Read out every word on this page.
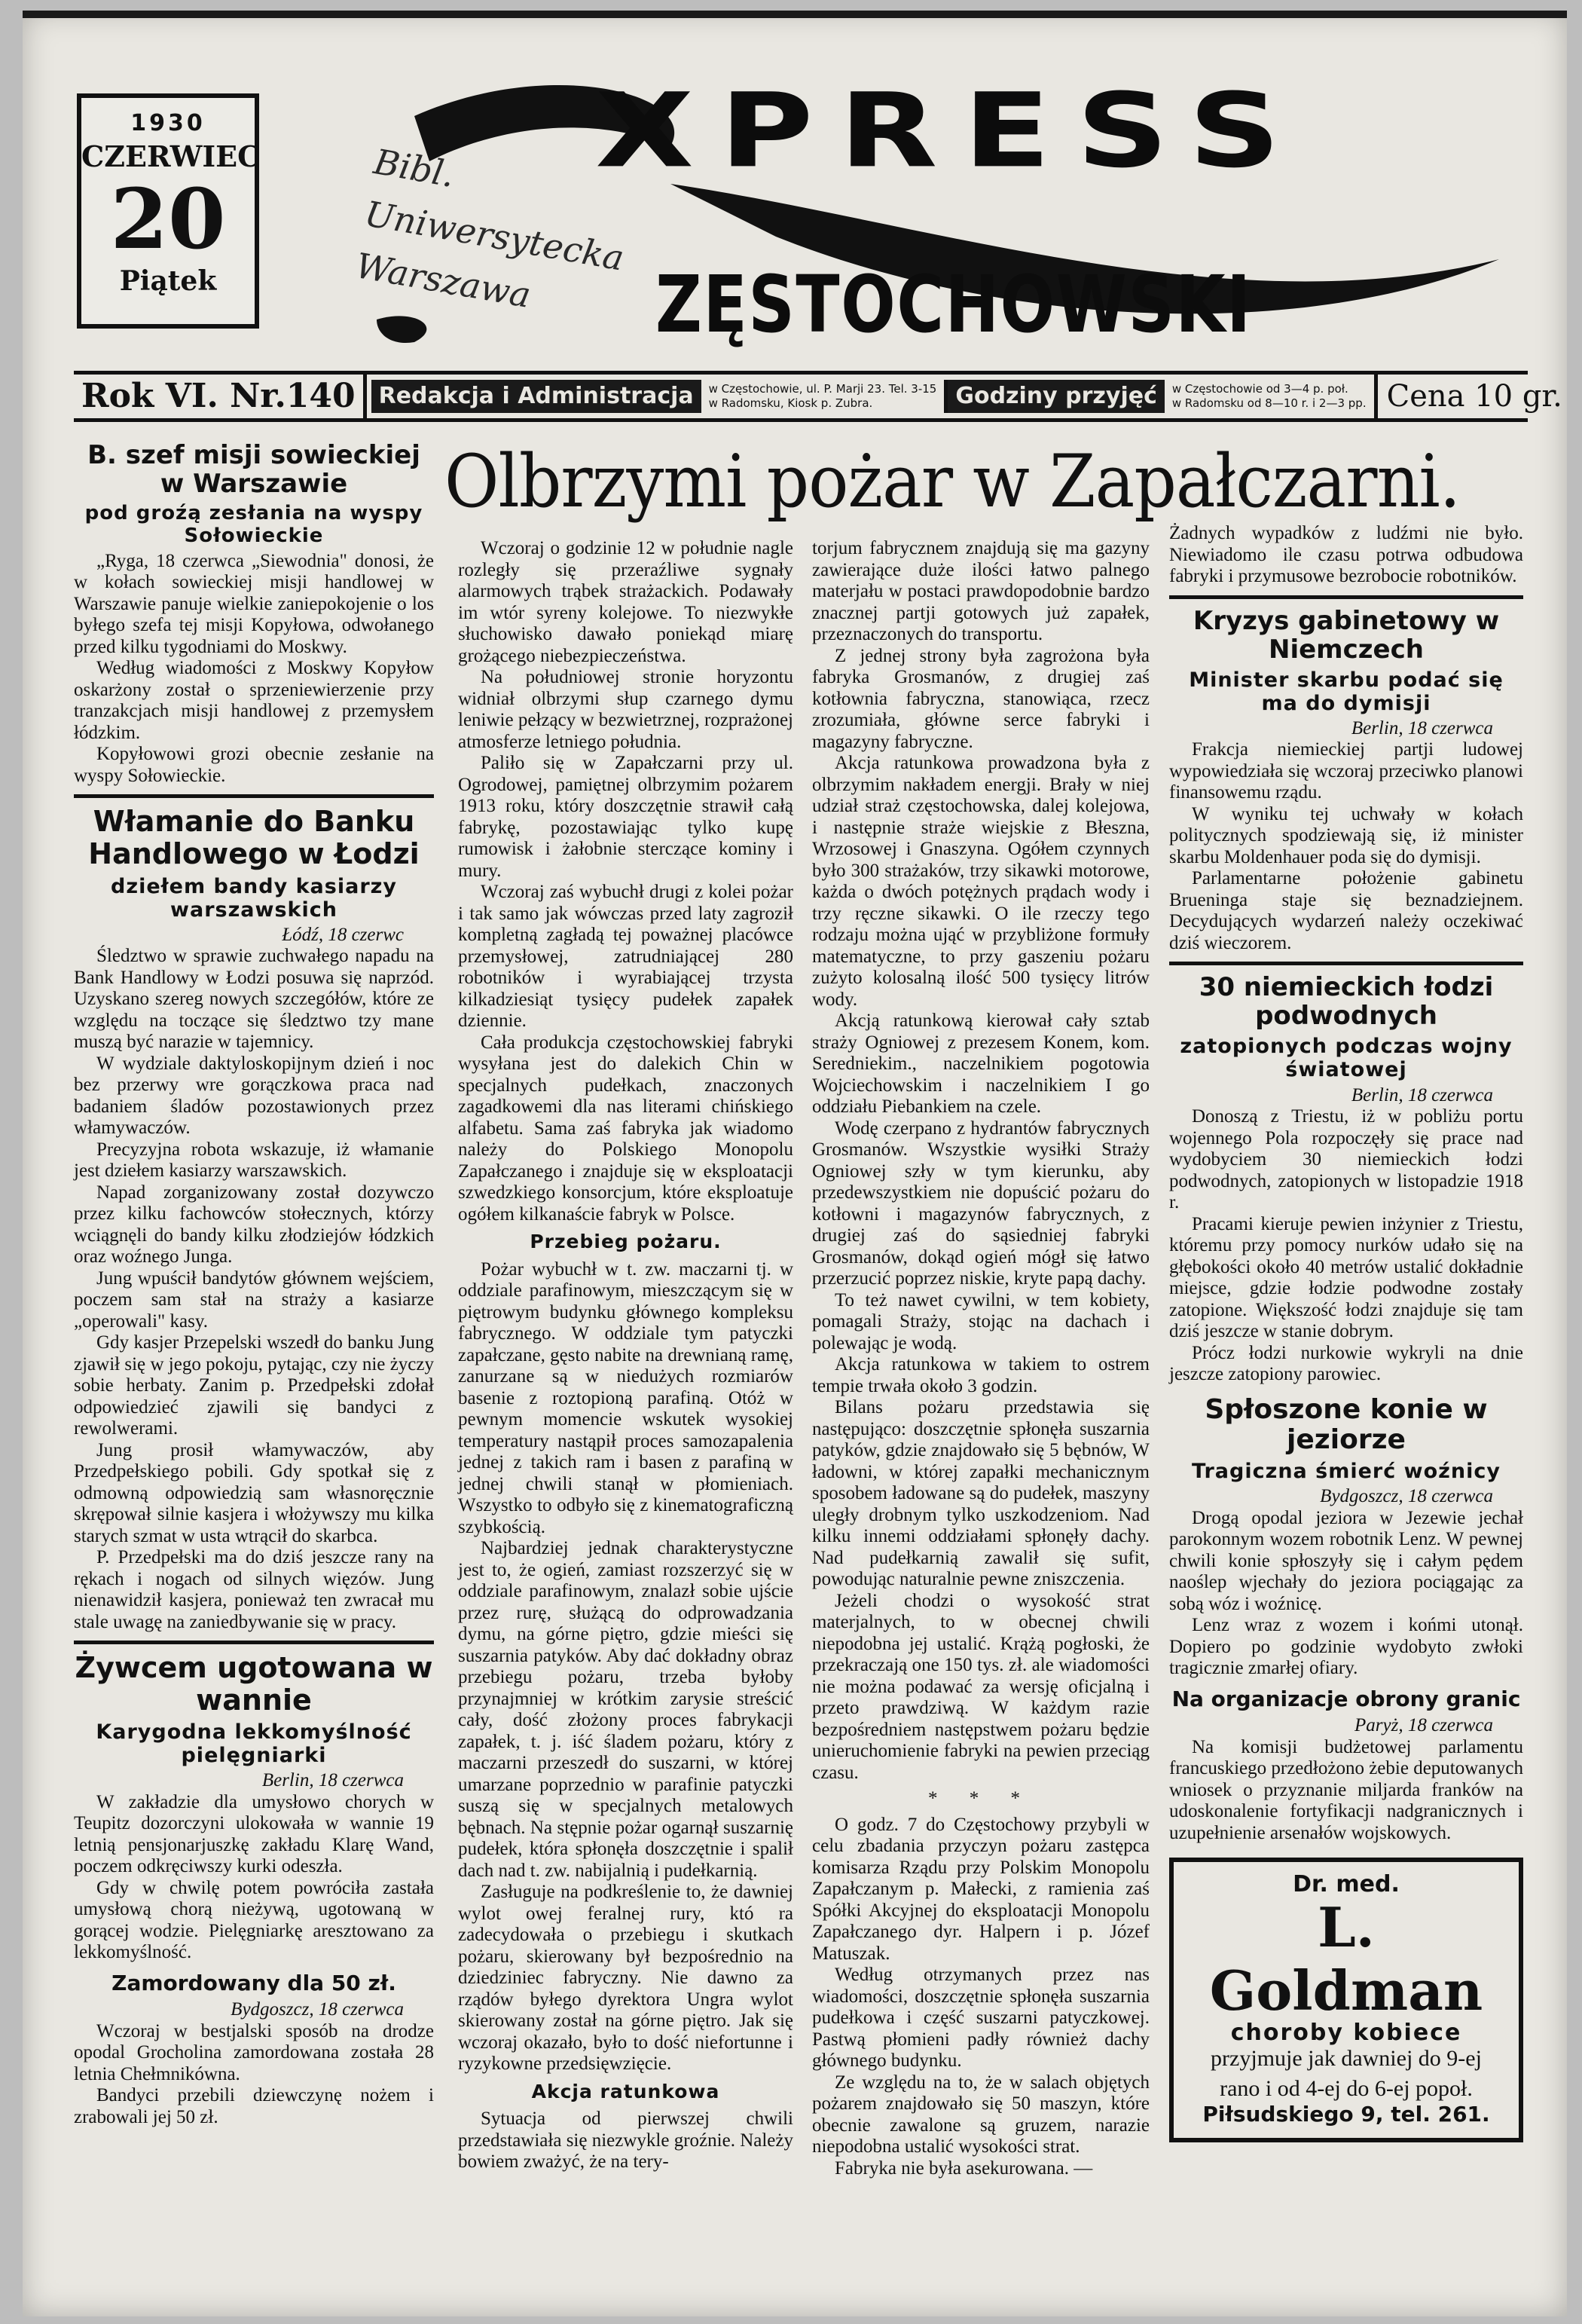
1930
CZERWIEC
20
Piątek
XPRESS
ZĘSTOCHOWSKI
Bibl. Uniwersytecka Warszawa
Rok VI. Nr.140	Redakcja i Administracja	w Częstochowie, ul. P. Marji 23. Tel. 3-15
w Radomsku, Kiosk p. Zubra.	Godziny przyjęć	w Częstochowie od 3—4 p. poł.
w Radomsku od 8—10 r. i 2—3 pp. Cena 10 gr.
Olbrzymi pożar w Zapałczarni.
B. szef misji sowieckiej w Warszawie
pod groźą zesłania na wyspy Sołowieckie

„Ryga, 18 czerwca „Siewodnia" donosi, że w kołach sowieckiej misji handlowej w Warszawie panuje wielkie zaniepokojenie o los byłego szefa tej misji Kopyłowa, odwołanego przed kilku tygodniami do Moskwy.

Według wiadomości z Moskwy Kopyłow oskarżony został o sprzeniewierzenie przy tranzakcjach misji handlowej z przemysłem łódzkim.

Kopyłowowi grozi obecnie zesłanie na wyspy Sołowieckie.

Włamanie do Banku Handlowego w Łodzi
dziełem bandy kasiarzy warszawskich
Łódź, 18 czerwc

Śledztwo w sprawie zuchwałego napadu na Bank Handlowy w Łodzi posuwa się naprzód. Uzyskano szereg nowych szczegółów, które ze względu na toczące się śledztwo tzy mane muszą być narazie w tajemnicy.

W wydziale daktyloskopijnym dzień i noc bez przerwy wre gorączkowa praca nad badaniem śladów pozostawionych przez włamywaczów.

Precyzyjna robota wskazuje, iż włamanie jest dziełem kasiarzy warszawskich.

Napad zorganizowany został dozywczo przez kilku fachowców stołecznych, którzy wciągnęli do bandy kilku złodziejów łódzkich oraz woźnego Junga.

Jung wpuścił bandytów głównem wejściem, poczem sam stał na straży a kasiarze „operowali" kasy.

Gdy kasjer Przepelski wszedł do banku Jung zjawił się w jego pokoju, pytając, czy nie życzy sobie herbaty. Zanim p. Przedpełski zdołał odpowiedzieć zjawili się bandyci z rewolwerami.

Jung prosił włamywaczów, aby Przedpełskiego pobili. Gdy spotkał się z odmowną odpowiedzią sam własnoręcznie skrępował silnie kasjera i włożywszy mu kilka starych szmat w usta wtrącił do skarbca.

P. Przedpełski ma do dziś jeszcze rany na rękach i nogach od silnych więzów. Jung nienawidził kasjera, ponieważ ten zwracał mu stale uwagę na zaniedbywanie się w pracy.

Żywcem ugotowana w wannie
Karygodna lekkomyślność pielęgniarki
Berlin, 18 czerwca

W zakładzie dla umysłowo chorych w Teupitz dozorczyni ulokowała w wannie 19 letnią pensjonarjuszkę zakładu Klarę Wand, poczem odkręciwszy kurki odeszła.

Gdy w chwilę potem powróciła zastała umysłową chorą nieżywą, ugotowaną w gorącej wodzie. Pielęgniarkę aresztowano za lekkomyślność.

Zamordowany dla 50 zł.
Bydgoszcz, 18 czerwca

Wczoraj w bestjalski sposób na drodze opodal Grocholina zamordowana została 28 letnia Chełmnikówna.

Bandyci przebili dziewczynę nożem i zrabowali jej 50 zł.

Wczoraj o godzinie 12 w południe nagle rozległy się przeraźliwe sygnały alarmowych trąbek strażackich. Podawały im wtór syreny kolejowe. To niezwykłe słuchowisko dawało poniekąd miarę grożącego niebezpieczeństwa.

Na południowej stronie horyzontu widniał olbrzymi słup czarnego dymu leniwie pełzący w bezwietrznej, rozprażonej atmosferze letniego południa.

Paliło się w Zapałczarni przy ul. Ogrodowej, pamiętnej olbrzymim pożarem 1913 roku, który doszczętnie strawił całą fabrykę, pozostawiając tylko kupę rumowisk i żałobnie sterczące kominy i mury.

Wczoraj zaś wybuchł drugi z kolei pożar i tak samo jak wówczas przed laty zagroził kompletną zagładą tej poważnej placówce przemysłowej, zatrudniającej 280 robotników i wyrabiającej trzysta kilkadziesiąt tysięcy pudełek zapałek dziennie.

Cała produkcja częstochowskiej fabryki wysyłana jest do dalekich Chin w specjalnych pudełkach, znaczonych zagadkowemi dla nas literami chińskiego alfabetu. Sama zaś fabryka jak wiadomo należy do Polskiego Monopolu Zapałczanego i znajduje się w eksploatacji szwedzkiego konsorcjum, które eksploatuje ogółem kilkanaście fabryk w Polsce.

Przebieg pożaru.

Pożar wybuchł w t. zw. maczarni tj. w oddziale parafinowym, mieszczącym się w piętrowym budynku głównego kompleksu fabrycznego. W oddziale tym patyczki zapałczane, gęsto nabite na drewnianą ramę, zanurzane są w niedużych rozmiarów basenie z roztopioną parafiną. Otóż w pewnym momencie wskutek wysokiej temperatury nastąpił proces samozapalenia jednej z takich ram i basen z parafiną w jednej chwili stanął w płomieniach. Wszystko to odbyło się z kinematograficzną szybkością.

Najbardziej jednak charakterystyczne jest to, że ogień, zamiast rozszerzyć się w oddziale parafinowym, znalazł sobie ujście przez rurę, służącą do odprowadzania dymu, na górne piętro, gdzie mieści się suszarnia patyków. Aby dać dokładny obraz przebiegu pożaru, trzeba byłoby przynajmniej w krótkim zarysie streścić cały, dość złożony proces fabrykacji zapałek, t. j. iść śladem pożaru, który z maczarni przeszedł do suszarni, w której umarzane poprzednio w parafinie patyczki suszą się w specjalnych metalowych bębnach. Na stępnie pożar ogarnął suszarnię pudełek, która spłonęła doszczętnie i spalił dach nad t. zw. nabijalnią i pudełkarnią.

Zasługuje na podkreślenie to, że dawniej wylot owej feralnej rury, któ ra zadecydowała o przebiegu i skutkach pożaru, skierowany był bezpośrednio na dziedziniec fabryczny. Nie dawno za rządów byłego dyrektora Ungra wylot skierowany został na górne piętro. Jak się wczoraj okazało, było to dość niefortunne i ryzykowne przedsięwzięcie.

Akcja ratunkowa

Sytuacja od pierwszej chwili przedstawiała się niezwykle groźnie. Należy bowiem zważyć, że na tery-

torjum fabrycznem znajdują się ma gazyny zawierające duże ilości łatwo palnego materjału w postaci prawdopodobnie bardzo znacznej partji gotowych już zapałek, przeznaczonych do transportu.

Z jednej strony była zagrożona była fabryka Grosmanów, z drugiej zaś kotłownia fabryczna, stanowiąca, rzecz zrozumiała, główne serce fabryki i magazyny fabryczne.

Akcja ratunkowa prowadzona była z olbrzymim nakładem energji. Brały w niej udział straż częstochowska, dalej kolejowa, i następnie straże wiejskie z Błeszna, Wrzosowej i Gnaszyna. Ogółem czynnych było 300 strażaków, trzy sikawki motorowe, każda o dwóch potężnych prądach wody i trzy ręczne sikawki. O ile rzeczy tego rodzaju można ująć w przybliżone formuły matematyczne, to przy gaszeniu pożaru zużyto kolosalną ilość 500 tysięcy litrów wody.

Akcją ratunkową kierował cały sztab straży Ogniowej z prezesem Konem, kom. Seredniekim., naczelnikiem pogotowia Wojciechowskim i naczelnikiem I go oddziału Piebankiem na czele.

Wodę czerpano z hydrantów fabrycznych Grosmanów. Wszystkie wysiłki Straży Ogniowej szły w tym kierunku, aby przedewszystkiem nie dopuścić pożaru do kotłowni i magazynów fabrycznych, z drugiej zaś do sąsiedniej fabryki Grosmanów, dokąd ogień mógł się łatwo przerzucić poprzez niskie, kryte papą dachy.

To też nawet cywilni, w tem kobiety, pomagali Straży, stojąc na dachach i polewając je wodą.

Akcja ratunkowa w takiem to ostrem tempie trwała około 3 godzin.

Bilans pożaru przedstawia się następująco: doszczętnie spłonęła suszarnia patyków, gdzie znajdowało się 5 bębnów, W ładowni, w której zapałki mechanicznym sposobem ładowane są do pudełek, maszyny uległy drobnym tylko uszkodzeniom. Nad kilku innemi oddziałami spłonęły dachy. Nad pudełkarnią zawalił się sufit, powodując naturalnie pewne zniszczenia.

Jeżeli chodzi o wysokość strat materjalnych, to w obecnej chwili niepodobna jej ustalić. Krążą pogłoski, że przekraczają one 150 tys. zł. ale wiadomości nie można podawać za wersję oficjalną i przeto prawdziwą. W każdym razie bezpośredniem następstwem pożaru będzie unieruchomienie fabryki na pewien przeciąg czasu.

* * *

O godz. 7 do Częstochowy przybyli w celu zbadania przyczyn pożaru zastępca komisarza Rządu przy Polskim Monopolu Zapałczanym p. Małecki, z ramienia zaś Spółki Akcyjnej do eksploatacji Monopolu Zapałczanego dyr. Halpern i p. Józef Matuszak.

Według otrzymanych przez nas wiadomości, doszczętnie spłonęła suszarnia pudełkowa i część suszarni patyczkowej. Pastwą płomieni padły również dachy głównego budynku.

Ze względu na to, że w salach objętych pożarem znajdowało się 50 maszyn, które obecnie zawalone są gruzem, narazie niepodobna ustalić wysokości strat.

Fabryka nie była asekurowana. —

Żadnych wypadków z ludźmi nie było. Niewiadomo ile czasu potrwa odbudowa fabryki i przymusowe bezrobocie robotników.

Kryzys gabinetowy w Niemczech
Minister skarbu podać się ma do dymisji
Berlin, 18 czerwca

Frakcja niemieckiej partji ludowej wypowiedziała się wczoraj przeciwko planowi finansowemu rządu.

W wyniku tej uchwały w kołach politycznych spodziewają się, iż minister skarbu Moldenhauer poda się do dymisji.

Parlamentarne położenie gabinetu Brueninga staje się beznadziejnem. Decydujących wydarzeń należy oczekiwać dziś wieczorem.

30 niemieckich łodzi podwodnych
zatopionych podczas wojny światowej
Berlin, 18 czerwca

Donoszą z Triestu, iż w pobliżu portu wojennego Pola rozpoczęły się prace nad wydobyciem 30 niemieckich łodzi podwodnych, zatopionych w listopadzie 1918 r.

Pracami kieruje pewien inżynier z Triestu, któremu przy pomocy nurków udało się na głębokości około 40 metrów ustalić dokładnie miejsce, gdzie łodzie podwodne zostały zatopione. Większość łodzi znajduje się tam dziś jeszcze w stanie dobrym.

Prócz łodzi nurkowie wykryli na dnie jeszcze zatopiony parowiec.

Spłoszone konie w jeziorze
Tragiczna śmierć woźnicy
Bydgoszcz, 18 czerwca

Drogą opodal jeziora w Jezewie jechał parokonnym wozem robotnik Lenz. W pewnej chwili konie spłoszyły się i całym pędem naoślep wjechały do jeziora pociągając za sobą wóz i woźnicę.

Lenz wraz z wozem i końmi utonął. Dopiero po godzinie wydobyto zwłoki tragicznie zmarłej ofiary.

Na organizacje obrony granic
Paryż, 18 czerwca

Na komisji budżetowej parlamentu francuskiego przedłożono żebie deputowanych wniosek o przyznanie miljarda franków na udoskonalenie fortyfikacji nadgranicznych i uzupełnienie arsenałów wojskowych.

Dr. med.
L. Goldman
choroby kobiece
przyjmuje jak dawniej do 9-ej
rano i od 4-ej do 6-ej popoł.
Piłsudskiego 9, tel. 261.
